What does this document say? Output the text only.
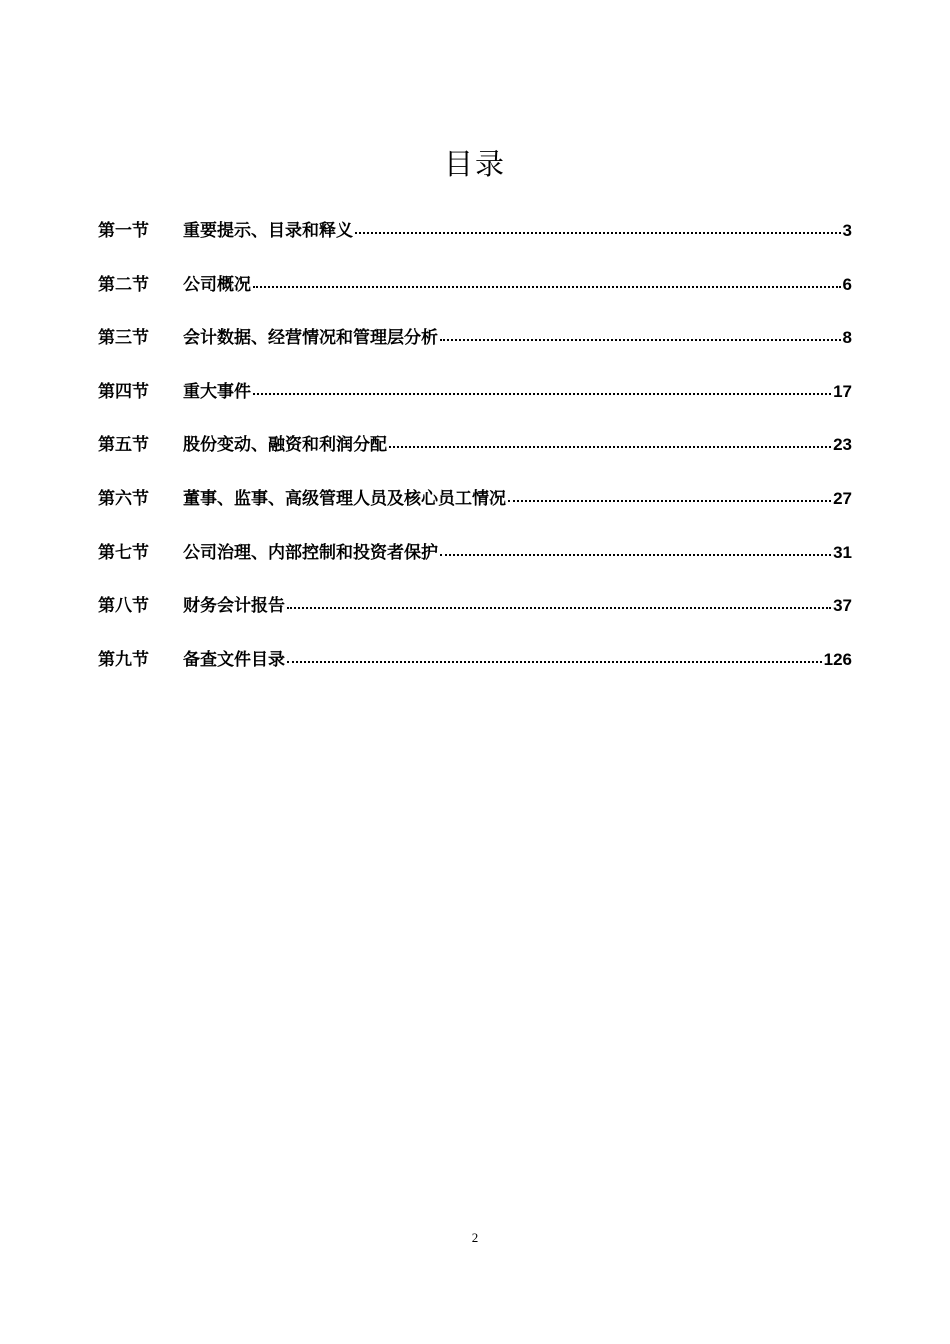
目录
第一节	重要提示、目录和释义	3
第二节	公司概况	6
第三节	会计数据、经营情况和管理层分析	8
第四节	重大事件	17
第五节	股份变动、融资和利润分配	23
第六节	董事、监事、高级管理人员及核心员工情况	27
第七节	公司治理、内部控制和投资者保护	31
第八节	财务会计报告	37
第九节	备查文件目录	126
2
